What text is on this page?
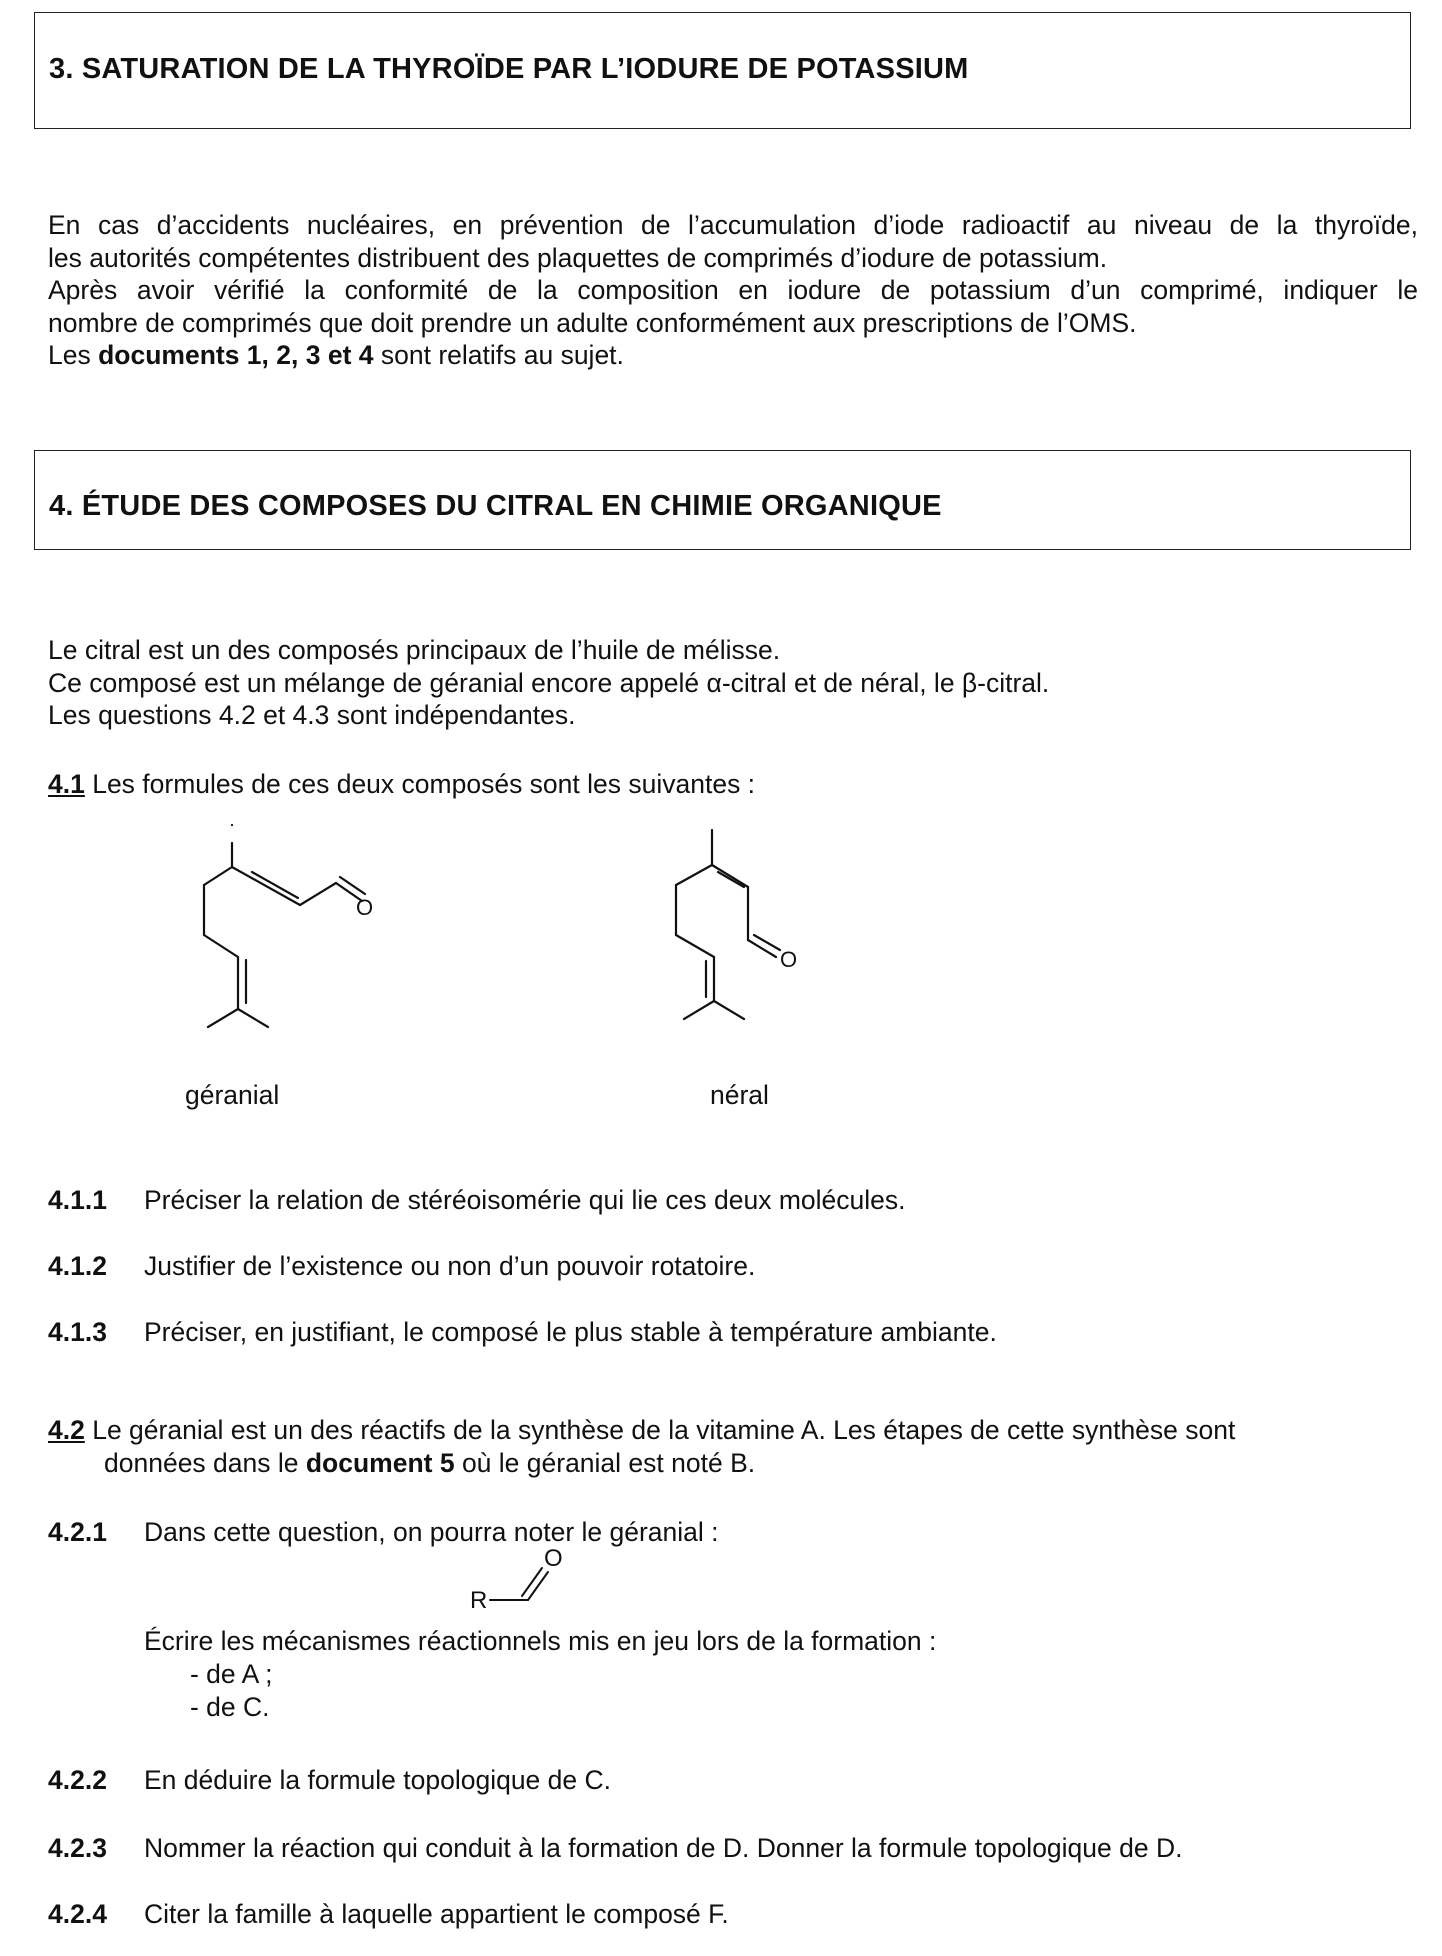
3. SATURATION DE LA THYROÏDE PAR L’IODURE DE POTASSIUM
En cas d’accidents nucléaires, en prévention de l’accumulation d’iode radioactif au niveau de la thyroïde,
les autorités compétentes distribuent des plaquettes de comprimés d’iodure de potassium.
Après avoir vérifié la conformité de la composition en iodure de potassium d’un comprimé, indiquer le
nombre de comprimés que doit prendre un adulte conformément aux prescriptions de l’OMS.
Les documents 1, 2, 3 et 4 sont relatifs au sujet.
4. ÉTUDE DES COMPOSES DU CITRAL EN CHIMIE ORGANIQUE
Le citral est un des composés principaux de l’huile de mélisse.
Ce composé est un mélange de géranial encore appelé α-citral et de néral, le β-citral.
Les questions 4.2 et 4.3 sont indépendantes.
4.1 Les formules de ces deux composés sont les suivantes :
O
O
géranial	néral
4.1.1 Préciser la relation de stéréoisomérie qui lie ces deux molécules.
4.1.2 Justifier de l’existence ou non d’un pouvoir rotatoire.
4.1.3 Préciser, en justifiant, le composé le plus stable à température ambiante.
4.2 Le géranial est un des réactifs de la synthèse de la vitamine A. Les étapes de cette synthèse sont
données dans le document 5 où le géranial est noté B.
4.2.1 Dans cette question, on pourra noter le géranial :
Écrire les mécanismes réactionnels mis en jeu lors de la formation :
- de A ;
- de C.
R
O
4.2.2 En déduire la formule topologique de C.
4.2.3 Nommer la réaction qui conduit à la formation de D. Donner la formule topologique de D.
4.2.4 Citer la famille à laquelle appartient le composé F.
